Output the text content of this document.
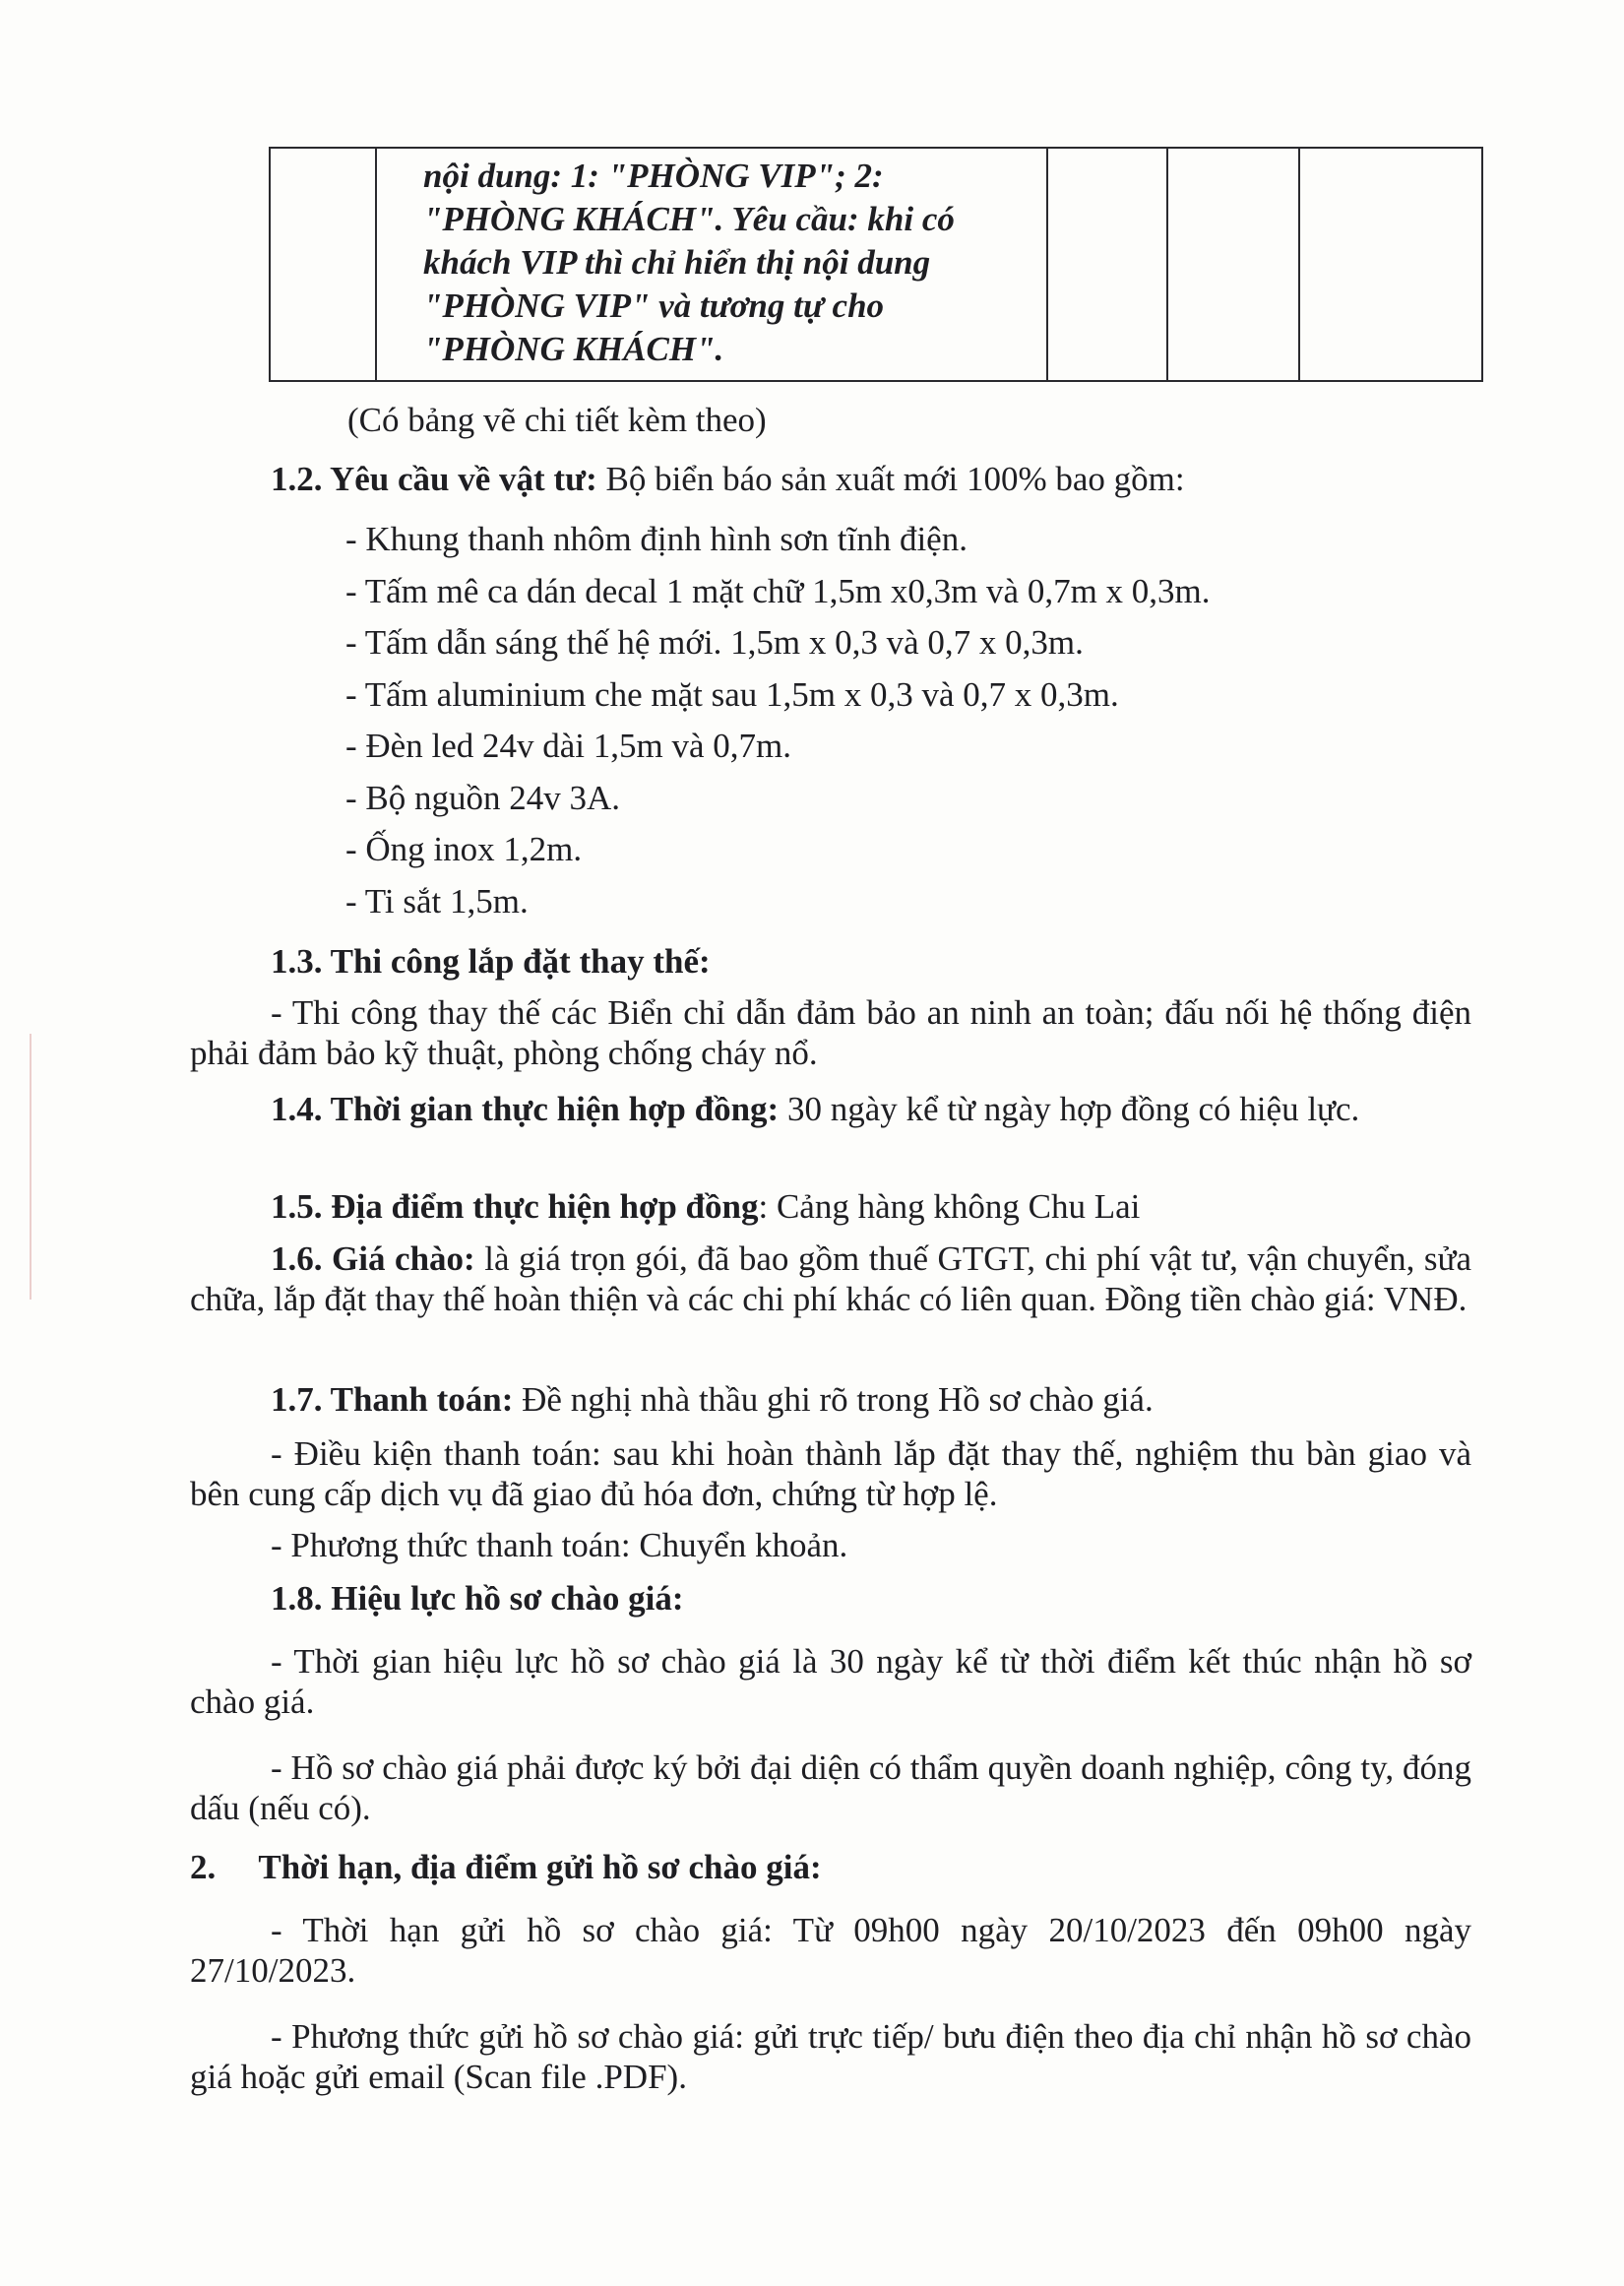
nội dung: 1: "PHÒNG VIP"; 2:
"PHÒNG KHÁCH". Yêu cầu: khi có
khách VIP thì chỉ hiển thị nội dung
"PHÒNG VIP" và tương tự cho
"PHÒNG KHÁCH".

(Có bảng vẽ chi tiết kèm theo)
1.2. Yêu cầu về vật tư: Bộ biển báo sản xuất mới 100% bao gồm:
- Khung thanh nhôm định hình sơn tĩnh điện.
- Tấm mê ca dán decal 1 mặt chữ 1,5m x0,3m và 0,7m x 0,3m.
- Tấm dẫn sáng thế hệ mới. 1,5m x 0,3 và 0,7 x 0,3m.
- Tấm aluminium che mặt sau 1,5m x 0,3 và 0,7 x 0,3m.
- Đèn led 24v dài 1,5m và 0,7m.
- Bộ nguồn 24v 3A.
- Ống inox 1,2m.
- Ti sắt 1,5m.
1.3. Thi công lắp đặt thay thế:
- Thi công thay thế các Biển chỉ dẫn đảm bảo an ninh an toàn; đấu nối hệ thống điện phải đảm bảo kỹ thuật, phòng chống cháy nổ.
1.4. Thời gian thực hiện hợp đồng: 30 ngày kể từ ngày hợp đồng có hiệu lực.
1.5. Địa điểm thực hiện hợp đồng: Cảng hàng không Chu Lai
1.6. Giá chào: là giá trọn gói, đã bao gồm thuế GTGT, chi phí vật tư, vận chuyển, sửa chữa, lắp đặt thay thế hoàn thiện và các chi phí khác có liên quan. Đồng tiền chào giá: VNĐ.
1.7. Thanh toán: Đề nghị nhà thầu ghi rõ trong Hồ sơ chào giá.
- Điều kiện thanh toán: sau khi hoàn thành lắp đặt thay thế, nghiệm thu bàn giao và bên cung cấp dịch vụ đã giao đủ hóa đơn, chứng từ hợp lệ.
- Phương thức thanh toán: Chuyển khoản.
1.8. Hiệu lực hồ sơ chào giá:
- Thời gian hiệu lực hồ sơ chào giá là 30 ngày kể từ thời điểm kết thúc nhận hồ sơ chào giá.
- Hồ sơ chào giá phải được ký bởi đại diện có thẩm quyền doanh nghiệp, công ty, đóng dấu (nếu có).
2.     Thời hạn, địa điểm gửi hồ sơ chào giá:
- Thời hạn gửi hồ sơ chào giá: Từ 09h00 ngày 20/10/2023 đến 09h00 ngày 27/10/2023.
- Phương thức gửi hồ sơ chào giá: gửi trực tiếp/ bưu điện theo địa chỉ nhận hồ sơ chào giá hoặc gửi email (Scan file .PDF).
